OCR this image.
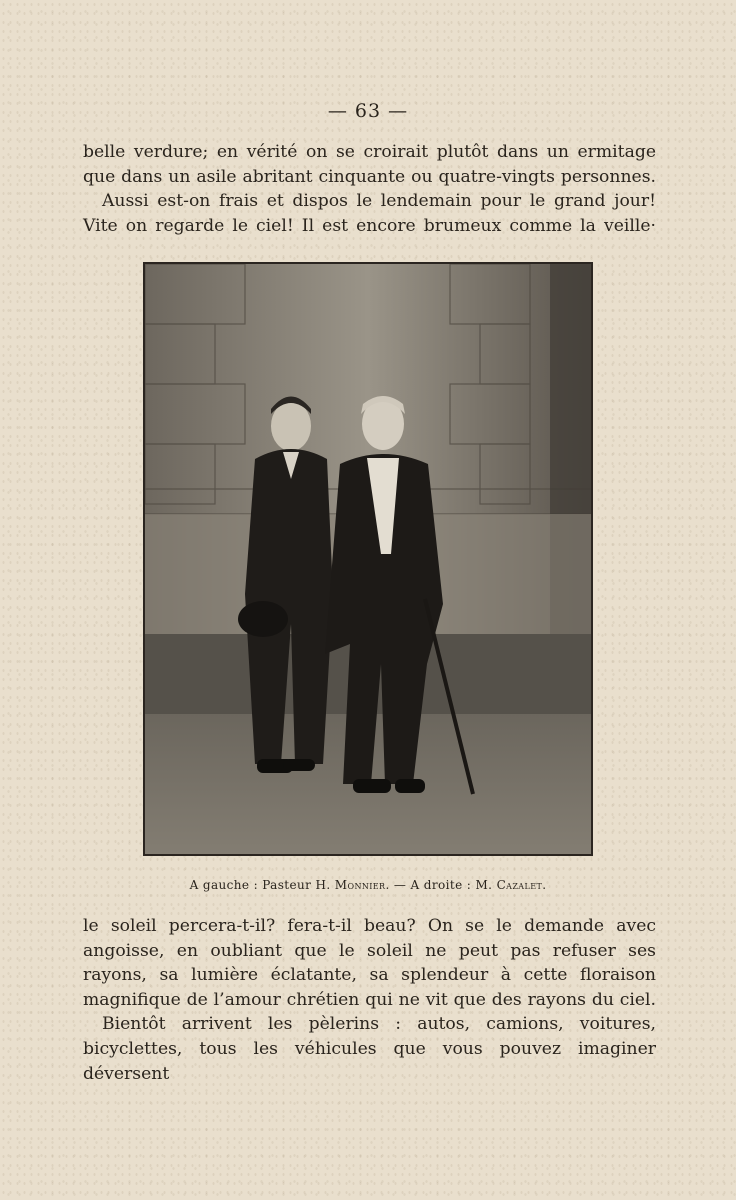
— 63 —

belle verdure; en vérité on se croirait plutôt dans un ermitage que dans un asile abritant cinquante ou quatre-vingts personnes.

Aussi est-on frais et dispos le lendemain pour le grand jour! Vite on regarde le ciel! Il est encore brumeux comme la veille·

A gauche : Pasteur H. Monnier. — A droite : M. Cazalet.

le soleil percera-t-il? fera-t-il beau? On se le demande avec angoisse, en oubliant que le soleil ne peut pas refuser ses rayons, sa lumière éclatante, sa splendeur à cette floraison magnifique de l’amour chrétien qui ne vit que des rayons du ciel.

Bientôt arrivent les pèlerins : autos, camions, voitures, bicyclettes, tous les véhicules que vous pouvez imaginer déversent
